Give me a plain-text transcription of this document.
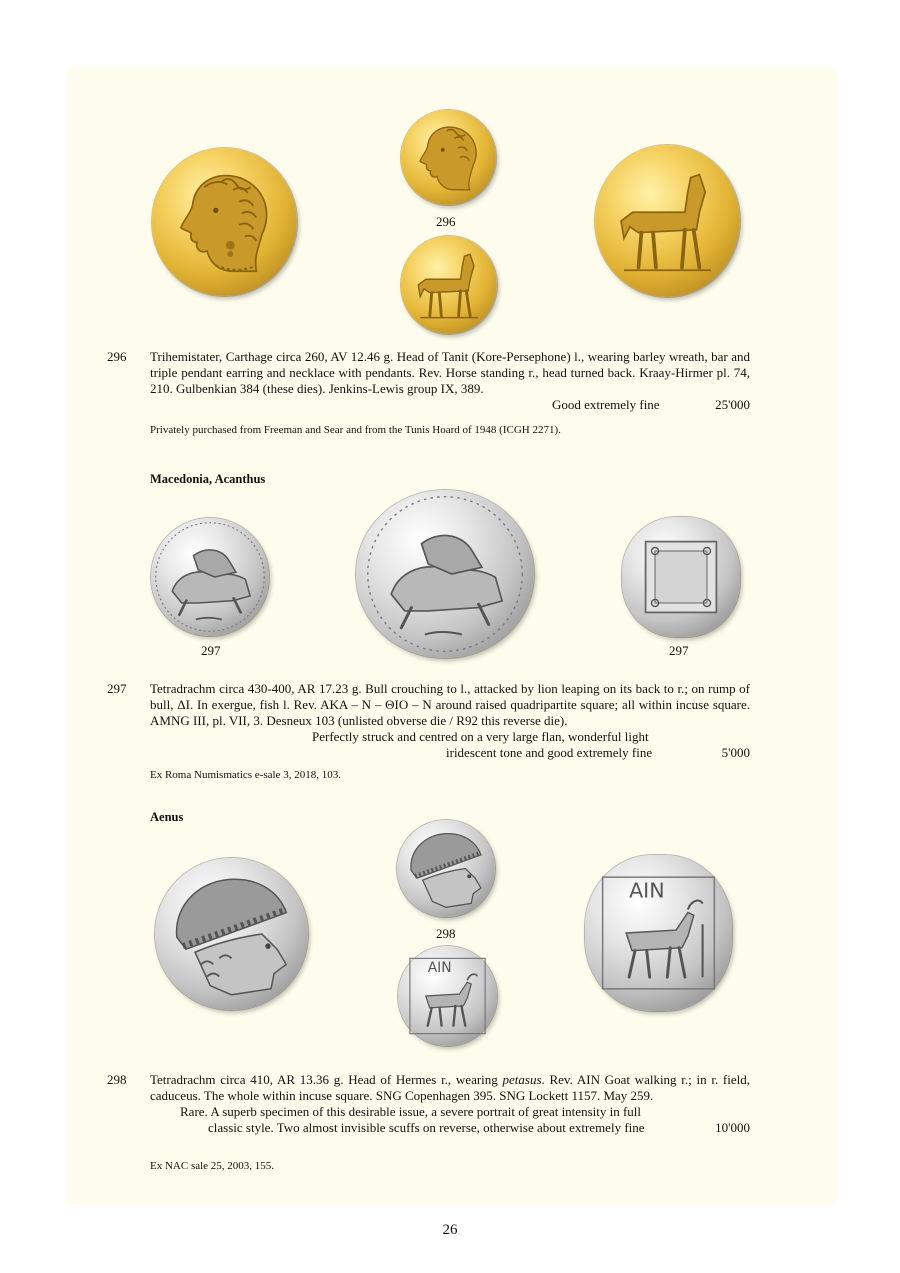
296
296 Trihemistater, Carthage circa 260, AV 12.46 g. Head of Tanit (Kore-Persephone) l., wearing barley wreath, bar and triple pendant earring and necklace with pendants. Rev. Horse standing r., head turned back. Kraay-Hirmer pl. 74, 210. Gulbenkian 384 (these dies). Jenkins-Lewis group IX, 389.
Good extremely fine	25'000
Privately purchased from Freeman and Sear and from the Tunis Hoard of 1948 (ICGH 2271).
Macedonia, Acanthus
297	297
297 Tetradrachm circa 430-400, AR 17.23 g. Bull crouching to l., attacked by lion leaping on its back to r.; on rump of bull, ΔI. In exergue, fish l. Rev. AKA – N – ΘIO – N around raised quadripartite square; all within incuse square. AMNG III, pl. VII, 3. Desneux 103 (unlisted obverse die / R92 this reverse die).
Perfectly struck and centred on a very large flan, wonderful light
iridescent tone and good extremely fine	5'000
Ex Roma Numismatics e-sale 3, 2018, 103.
Aenus
298
AIN
AIN
298 Tetradrachm circa 410, AR 13.36 g. Head of Hermes r., wearing petasus. Rev. AIN Goat walking r.; in r. field, caduceus. The whole within incuse square. SNG Copenhagen 395. SNG Lockett 1157. May 259.
Rare. A superb specimen of this desirable issue, a severe portrait of great intensity in full
classic style. Two almost invisible scuffs on reverse, otherwise about extremely fine	10'000
Ex NAC sale 25, 2003, 155.
26
